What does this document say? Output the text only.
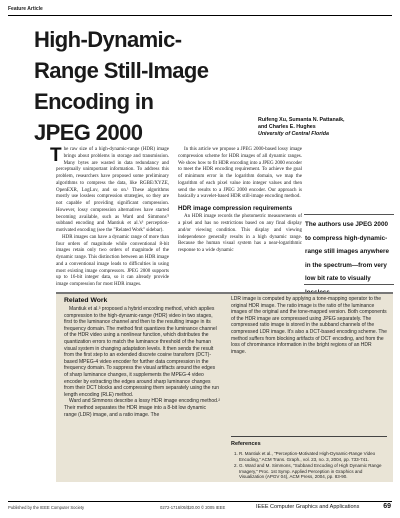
Feature Article
High-Dynamic-
Range Still-Image
Encoding in
JPEG 2000	Ruifeng Xu, Sumanta N. Pattanaik,
and Charles E. Hughes
University of Central Florida

The raw size of a high-dynamic-range (HDR) image brings about problems in storage and transmission. Many bytes are wasted in data redundancy and perceptually unimportant information. To address this problem, researchers have proposed some preliminary algorithms to compress the data, like RGBE/XYZE, OpenEXR, LogLuv, and so on.¹ These algorithms mostly use lossless compression strategies, so they are not capable of providing significant compression. However, lossy compression alternatives have started becoming available, such as Ward and Simmons'² subband encoding and Mantiuk et al.'s³ perception-motivated encoding (see the "Related Work" sidebar).

HDR images can have a dynamic range of more than four orders of magnitude while conventional 8-bit images retain only two orders of magnitude of the dynamic range. This distinction between an HDR image and a conventional image leads to difficulties in using most existing image compressors. JPEG 2000 supports up to 16-bit integer data, so it can already provide image compression for most HDR images.

In this article we propose a JPEG 2000-based lossy image compression scheme for HDR images of all dynamic ranges. We show how to fit HDR encoding into a JPEG 2000 encoder to meet the HDR encoding requirement. To achieve the goal of minimum error in the logarithm domain, we map the logarithm of each pixel value into integer values and then send the results to a JPEG 2000 encoder. Our approach is basically a wavelet-based HDR still-image encoding method.

HDR image compression requirements

An HDR image records the photometric measurements of a pixel and has no restrictions based on any final display and/or viewing condition. This display and viewing independence generally results in a high dynamic range. Because the human visual system has a near-logarithmic response to a wide dynamic

The authors use JPEG 2000 to compress high-dynamic-range still images anywhere in the spectrum—from very low bit rate to visually
Related Work

Mantiuk et al.³ proposed a hybrid encoding method, which applies compression to the high-dynamic-range (HDR) video in two stages, first to the luminance channel and then to the resulting image in its frequency domain. The method first quantizes the luminance channel of the HDR video using a nonlinear function, which distributes the quantization errors to match the luminance threshold of the human visual system in changing adaptation levels. It then sends the result from the first step to an extended discrete cosine transform (DCT)-based MPEG-4 video encoder for further data compression in the frequency domain. To suppress the visual artifacts around the edges of sharp luminance changes, it supplements the MPEG-4 video encoder by extracting the edges around sharp luminance changes from their DCT blocks and compressing them separately using the run length encoding (RLE) method.

Ward and Simmons describe a lossy HDR image encoding method.² Their method separates the HDR image into a 8-bit low dynamic range (LDR) image, and a ratio image. The

LDR image is computed by applying a tone-mapping operator to the original HDR image. The ratio image is the ratio of the luminance images of the original and the tone-mapped version. Both components of the HDR image are compressed using JPEG separately. The compressed ratio image is stored in the subband channels of the compressed LDR image. It's also a DCT-based encoding scheme. The method suffers from blocking artifacts of DCT encoding, and from the loss of chrominance information in the bright regions of an HDR image.
References
1. R. Mantiuk et al., "Perception-Motivated High-Dynamic-Range Video Encoding," ACM Trans. Graph., vol. 23, no. 3, 2004, pp. 733-741.
2. G. Ward and M. Simmons, "Subband Encoding of High Dynamic Range Imagery," Proc. 1st Symp. Applied Perception in Graphics and Visualization (APGV 04), ACM Press, 2004, pp. 83-90.
Published by the IEEE Computer Society	0272-1716/05/$20.00 © 2005 IEEE	IEEE Computer Graphics and Applications	69
